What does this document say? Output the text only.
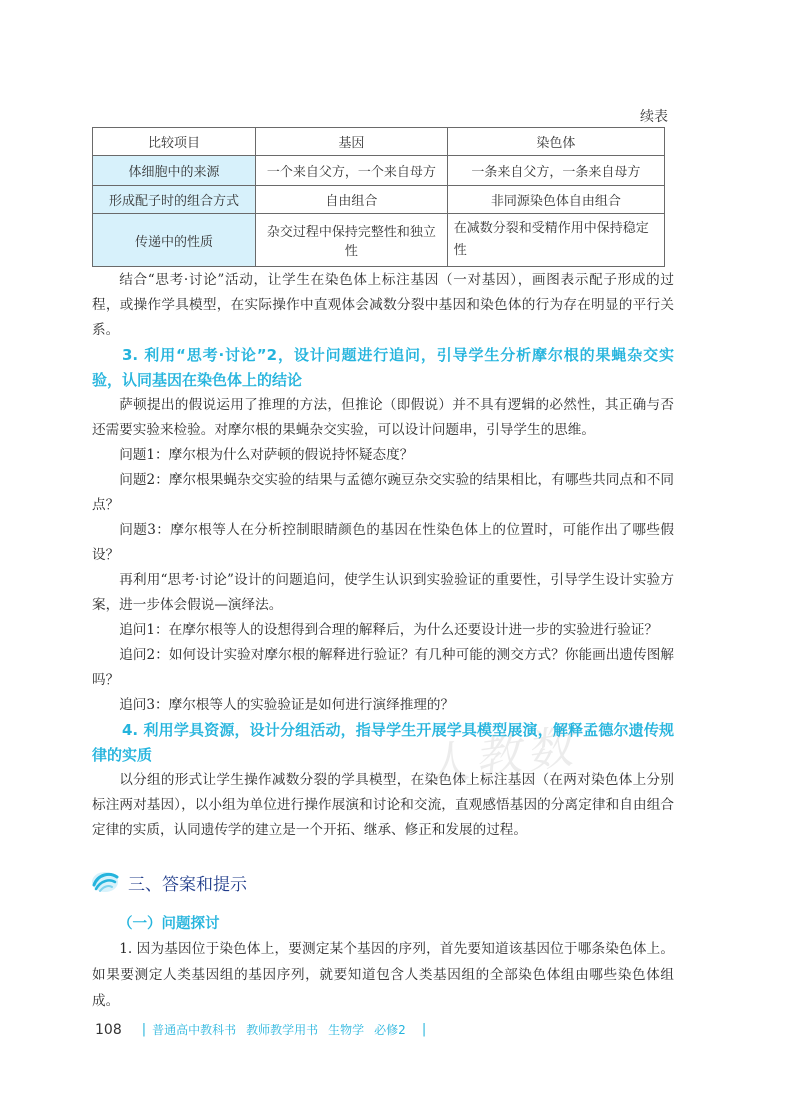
人教数
续表
比较项目	基因	染色体
体细胞中的来源	一个来自父方，一个来自母方	一条来自父方，一条来自母方
形成配子时的组合方式	自由组合	非同源染色体自由组合
传递中的性质	杂交过程中保持完整性和独立性	在减数分裂和受精作用中保持稳定性

结合“思考·讨论”活动，让学生在染色体上标注基因（一对基因），画图表示配子形成的过程，或操作学具模型，在实际操作中直观体会减数分裂中基因和染色体的行为存在明显的平行关系。

3. 利用“思考·讨论”2，设计问题进行追问，引导学生分析摩尔根的果蝇杂交实验，认同基因在染色体上的结论

萨顿提出的假说运用了推理的方法，但推论（即假说）并不具有逻辑的必然性，其正确与否还需要实验来检验。对摩尔根的果蝇杂交实验，可以设计问题串，引导学生的思维。

问题1：摩尔根为什么对萨顿的假说持怀疑态度？

问题2：摩尔根果蝇杂交实验的结果与孟德尔豌豆杂交实验的结果相比，有哪些共同点和不同点？

问题3：摩尔根等人在分析控制眼睛颜色的基因在性染色体上的位置时，可能作出了哪些假设？

再利用“思考·讨论”设计的问题追问，使学生认识到实验验证的重要性，引导学生设计实验方案，进一步体会假说—演绎法。

追问1：在摩尔根等人的设想得到合理的解释后，为什么还要设计进一步的实验进行验证？

追问2：如何设计实验对摩尔根的解释进行验证？有几种可能的测交方式？你能画出遗传图解吗？

追问3：摩尔根等人的实验验证是如何进行演绎推理的？

4. 利用学具资源，设计分组活动，指导学生开展学具模型展演，解释孟德尔遗传规律的实质

以分组的形式让学生操作减数分裂的学具模型，在染色体上标注基因（在两对染色体上分别标注两对基因），以小组为单位进行操作展演和讨论和交流，直观感悟基因的分离定律和自由组合定律的实质，认同遗传学的建立是一个开拓、继承、修正和发展的过程。

三、答案和提示
（一）问题探讨

1. 因为基因位于染色体上，要测定某个基因的序列，首先要知道该基因位于哪条染色体上。如果要测定人类基因组的基因序列，就要知道包含人类基因组的全部染色体组由哪些染色体组成。

108 | 普通高中教科书 教师教学用书 生物学 必修2 |
